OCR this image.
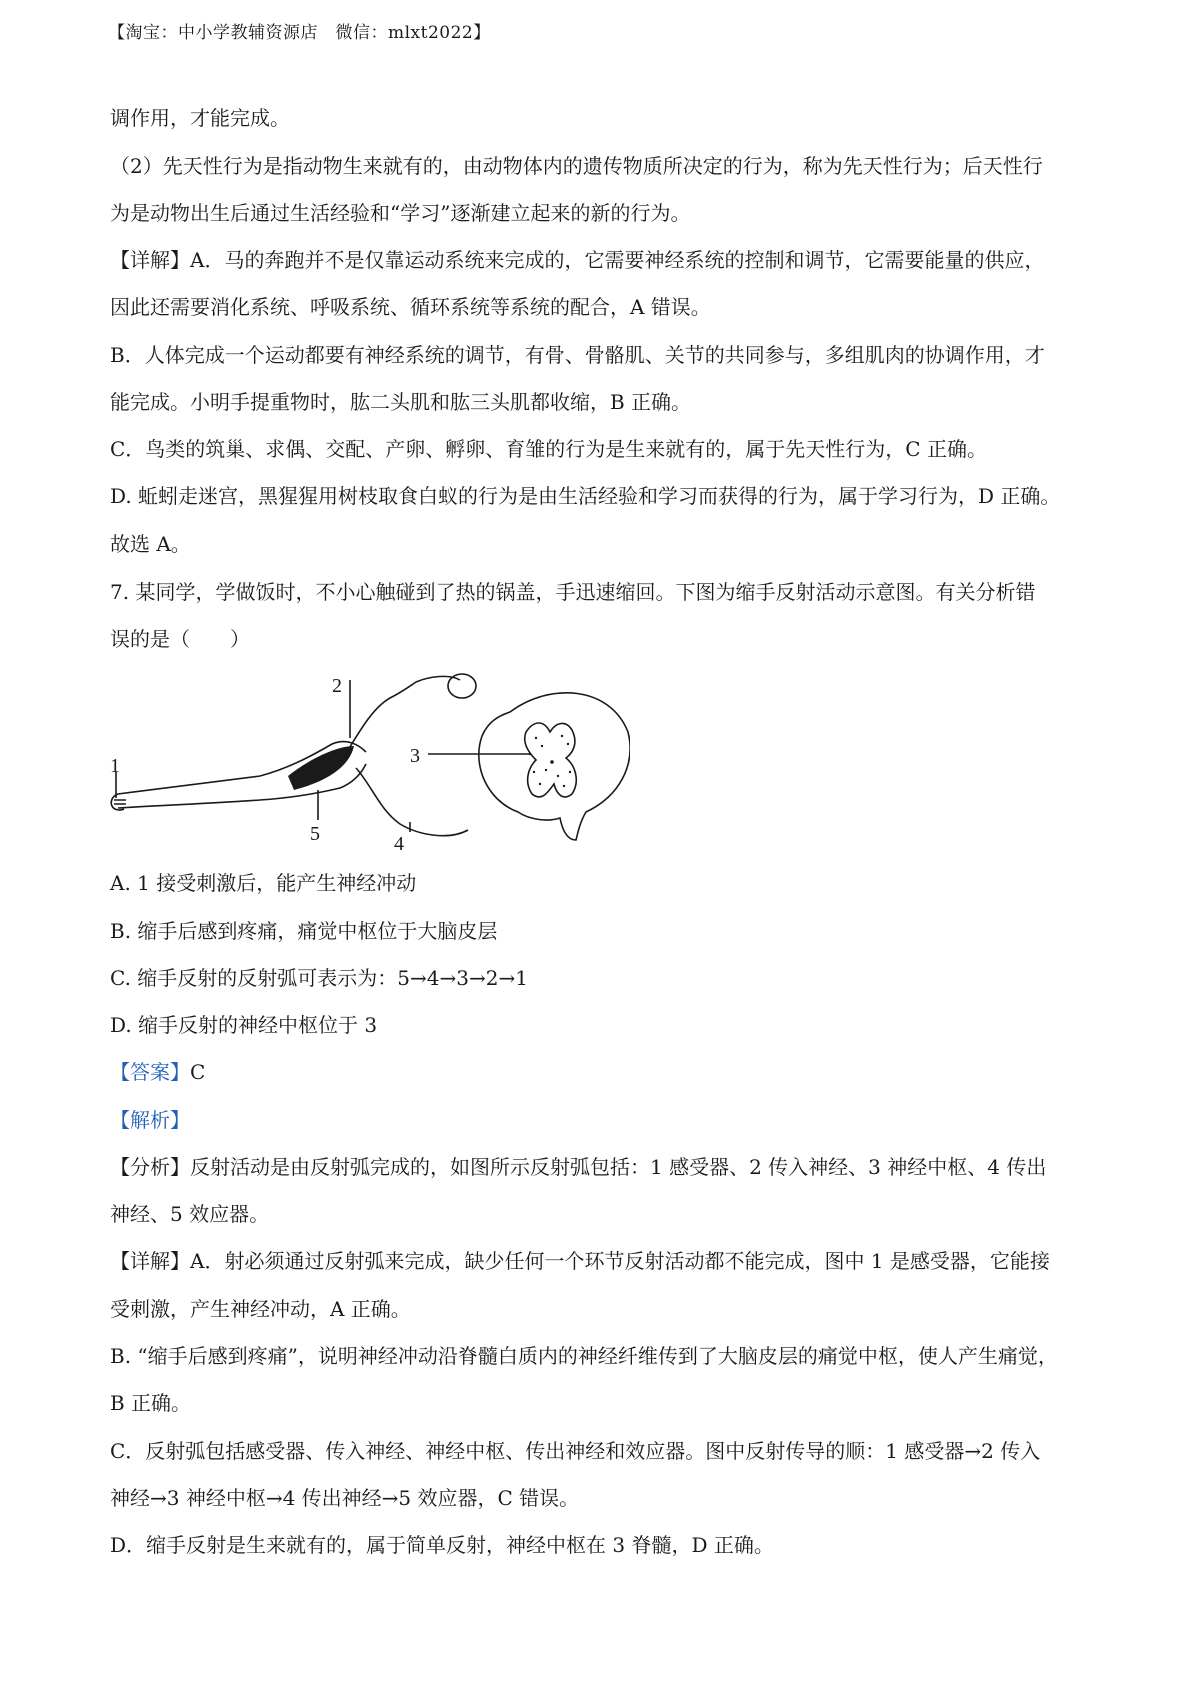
【淘宝：中小学教辅资源店　微信：mlxt2022】
调作用，才能完成。
（2）先天性行为是指动物生来就有的，由动物体内的遗传物质所决定的行为，称为先天性行为；后天性行
为是动物出生后通过生活经验和“学习”逐渐建立起来的新的行为。
【详解】A．马的奔跑并不是仅靠运动系统来完成的，它需要神经系统的控制和调节，它需要能量的供应，
因此还需要消化系统、呼吸系统、循环系统等系统的配合，A 错误。
B．人体完成一个运动都要有神经系统的调节，有骨、骨骼肌、关节的共同参与，多组肌肉的协调作用，才
能完成。小明手提重物时，肱二头肌和肱三头肌都收缩，B 正确。
C．鸟类的筑巢、求偶、交配、产卵、孵卵、育雏的行为是生来就有的，属于先天性行为，C 正确。
D. 蚯蚓走迷宫，黑猩猩用树枝取食白蚁的行为是由生活经验和学习而获得的行为，属于学习行为，D 正确。
故选 A。
7. 某同学，学做饭时，不小心触碰到了热的锅盖，手迅速缩回。下图为缩手反射活动示意图。有关分析错
误的是（　　）
1
2
3
4
5
A. 1 接受刺激后，能产生神经冲动
B. 缩手后感到疼痛，痛觉中枢位于大脑皮层
C. 缩手反射的反射弧可表示为：5→4→3→2→1
D. 缩手反射的神经中枢位于 3
【答案】C
【解析】
【分析】反射活动是由反射弧完成的，如图所示反射弧包括：1 感受器、2 传入神经、3 神经中枢、4 传出
神经、5 效应器。
【详解】A．射必须通过反射弧来完成，缺少任何一个环节反射活动都不能完成，图中 1 是感受器，它能接
受刺激，产生神经冲动，A 正确。
B. “缩手后感到疼痛”，说明神经冲动沿脊髓白质内的神经纤维传到了大脑皮层的痛觉中枢，使人产生痛觉，
B 正确。
C．反射弧包括感受器、传入神经、神经中枢、传出神经和效应器。图中反射传导的顺：1 感受器→2 传入
神经→3 神经中枢→4 传出神经→5 效应器，C 错误。
D．缩手反射是生来就有的，属于简单反射，神经中枢在 3 脊髓，D 正确。
